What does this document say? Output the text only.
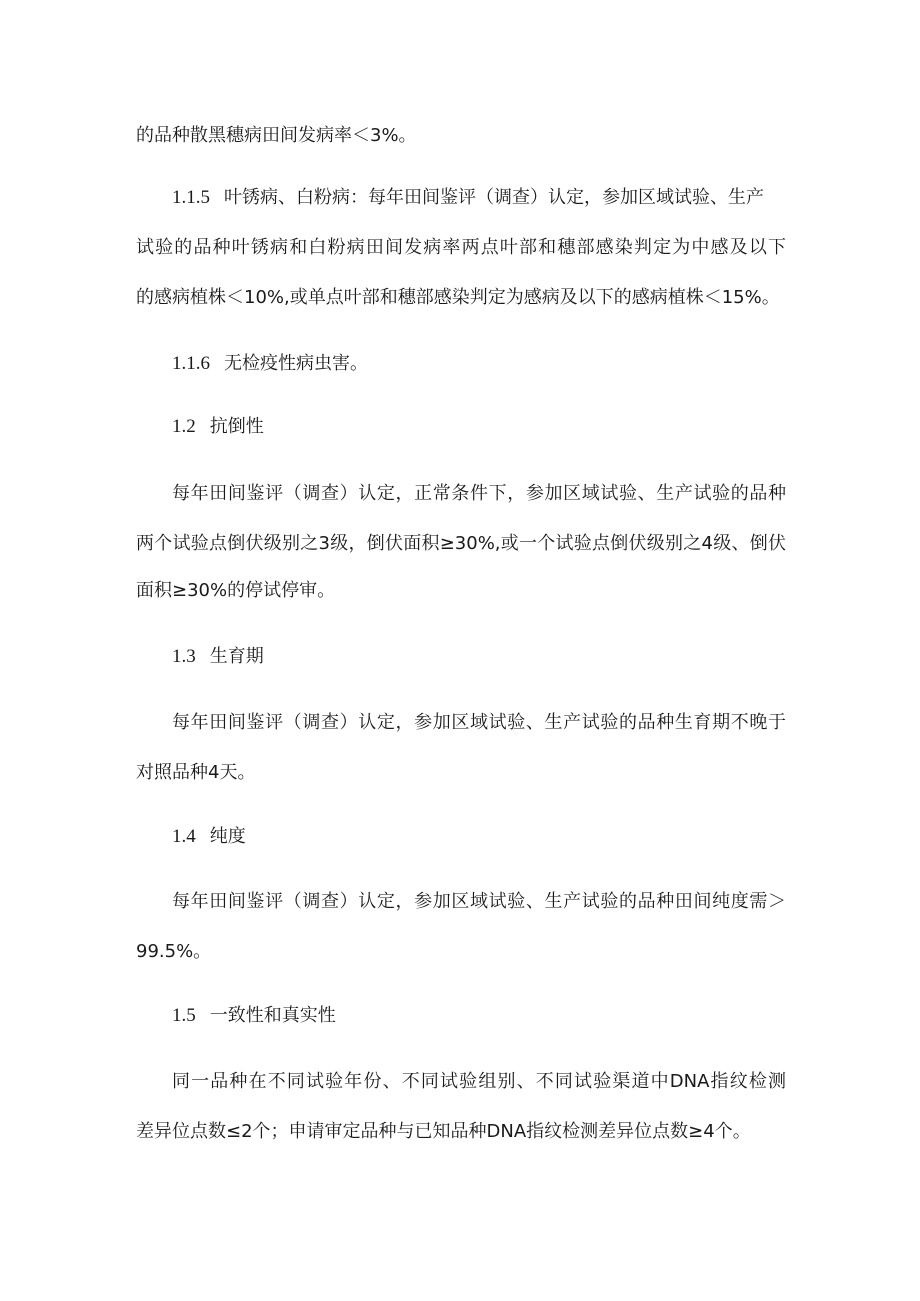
的品种散黑穗病田间发病率＜3%。
1.1.5 叶锈病、白粉病：每年田间鉴评（调查）认定，参加区域试验、生产
试验的品种叶锈病和白粉病田间发病率两点叶部和穗部感染判定为中感及以下
的感病植株＜10%,或单点叶部和穗部感染判定为感病及以下的感病植株＜15%。
1.1.6 无检疫性病虫害。
1.2 抗倒性
每年田间鉴评（调查）认定，正常条件下，参加区域试验、生产试验的品种
两个试验点倒伏级别之3级，倒伏面积≥30%,或一个试验点倒伏级别之4级、倒伏
面积≥30%的停试停审。
1.3 生育期
每年田间鉴评（调查）认定，参加区域试验、生产试验的品种生育期不晚于
对照品种4天。
1.4 纯度
每年田间鉴评（调查）认定，参加区域试验、生产试验的品种田间纯度需＞
99.5%。
1.5 一致性和真实性
同一品种在不同试验年份、不同试验组别、不同试验渠道中DNA指纹检测
差异位点数≤2个；申请审定品种与已知品种DNA指纹检测差异位点数≥4个。
